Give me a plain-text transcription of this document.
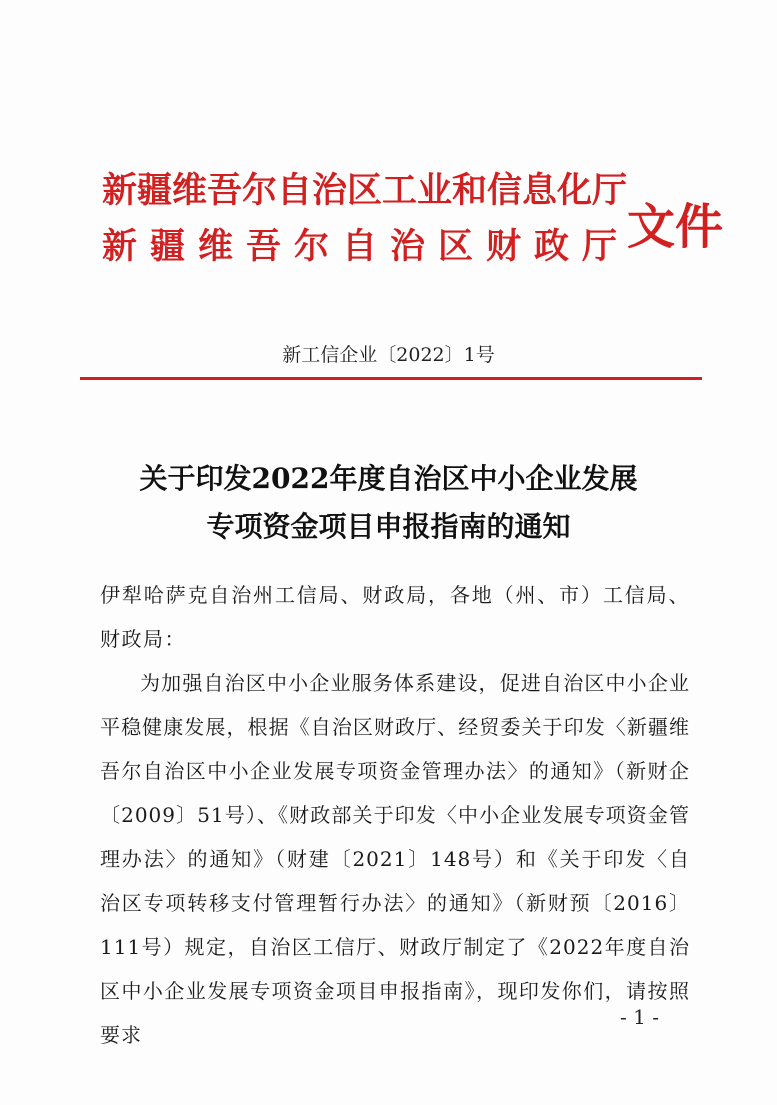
新疆维吾尔自治区工业和信息化厅
新疆维吾尔自治区财政厅
文件
新工信企业〔2022〕1号
关于印发2022年度自治区中小企业发展
专项资金项目申报指南的通知

伊犁哈萨克自治州工信局、财政局，各地（州、市）工信局、财政局：

为加强自治区中小企业服务体系建设，促进自治区中小企业平稳健康发展，根据《自治区财政厅、经贸委关于印发〈新疆维吾尔自治区中小企业发展专项资金管理办法〉的通知》（新财企〔2009〕51号）、《财政部关于印发〈中小企业发展专项资金管理办法〉的通知》（财建〔2021〕148号）和《关于印发〈自治区专项转移支付管理暂行办法〉的通知》（新财预〔2016〕111号）规定，自治区工信厅、财政厅制定了《2022年度自治区中小企业发展专项资金项目申报指南》，现印发你们，请按照要求

- 1 -
